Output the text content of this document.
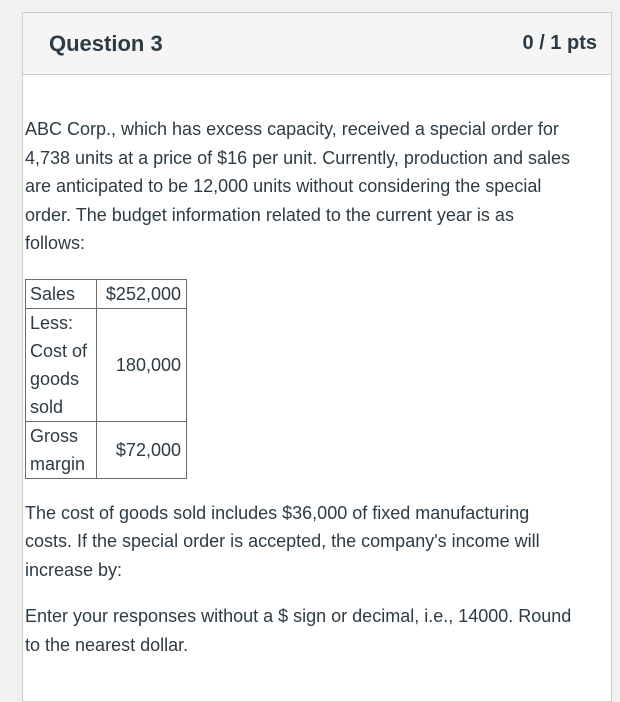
Question 3	0 / 1 pts

ABC Corp., which has excess capacity, received a special order for 4,738 units at a price of $16 per unit. Currently, production and sales are anticipated to be 12,000 units without considering the special order. The budget information related to the current year is as follows:

Sales	$252,000
Less: Cost of goods sold	180,000
Gross margin	$72,000

The cost of goods sold includes $36,000 of fixed manufacturing costs. If the special order is accepted, the company's income will increase by:

Enter your responses without a $ sign or decimal, i.e., 14000. Round to the nearest dollar.
